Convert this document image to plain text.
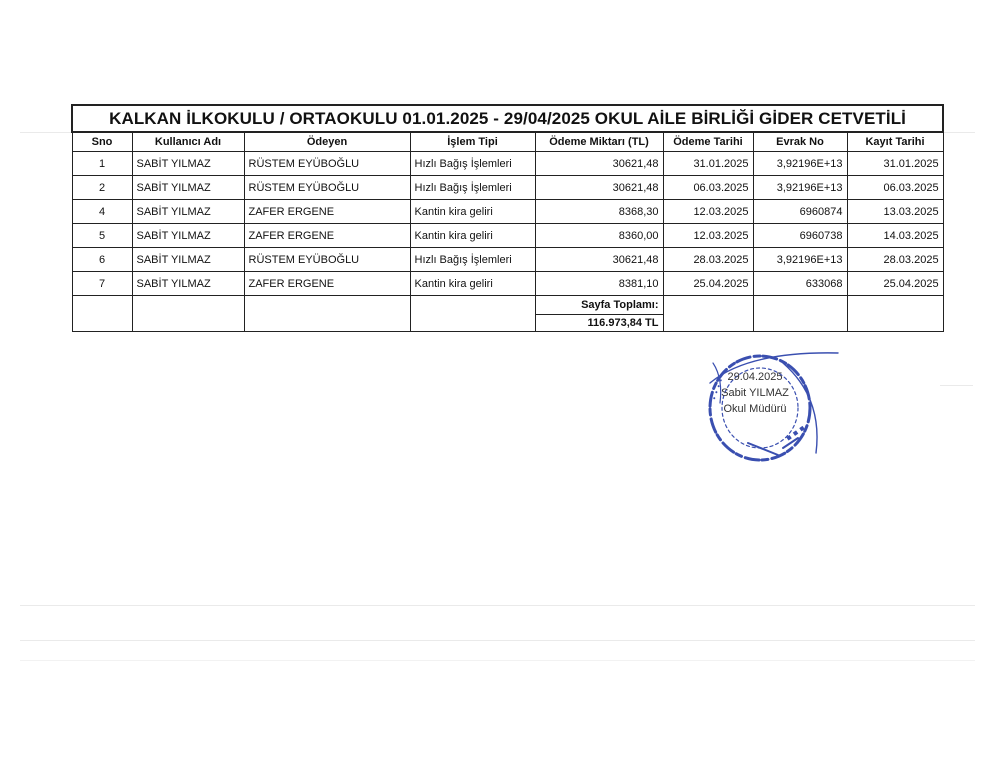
KALKAN İLKOKULU / ORTAOKULU 01.01.2025 - 29/04/2025 OKUL AİLE BİRLİĞİ GİDER CETVETİLİ							
Sno	Kullanıcı Adı	Ödeyen	İşlem Tipi	Ödeme Miktarı (TL)	Ödeme Tarihi	Evrak No	Kayıt Tarihi
1	SABİT YILMAZ	RÜSTEM EYÜBOĞLU	Hızlı Bağış İşlemleri	30621,48	31.01.2025	3,92196E+13	31.01.2025
2	SABİT YILMAZ	RÜSTEM EYÜBOĞLU	Hızlı Bağış İşlemleri	30621,48	06.03.2025	3,92196E+13	06.03.2025
4	SABİT YILMAZ	ZAFER ERGENE	Kantin kira geliri	8368,30	12.03.2025	6960874	13.03.2025
5	SABİT YILMAZ	ZAFER ERGENE	Kantin kira geliri	8360,00	12.03.2025	6960738	14.03.2025
6	SABİT YILMAZ	RÜSTEM EYÜBOĞLU	Hızlı Bağış İşlemleri	30621,48	28.03.2025	3,92196E+13	28.03.2025
7	SABİT YILMAZ	ZAFER ERGENE	Kantin kira geliri	8381,10	25.04.2025	633068	25.04.2025
				Sayfa Toplamı:			
				116.973,84 TL			
• • • •
▪ ▪ ▪
29.04.2025
Sabit YILMAZ
Okul Müdürü
